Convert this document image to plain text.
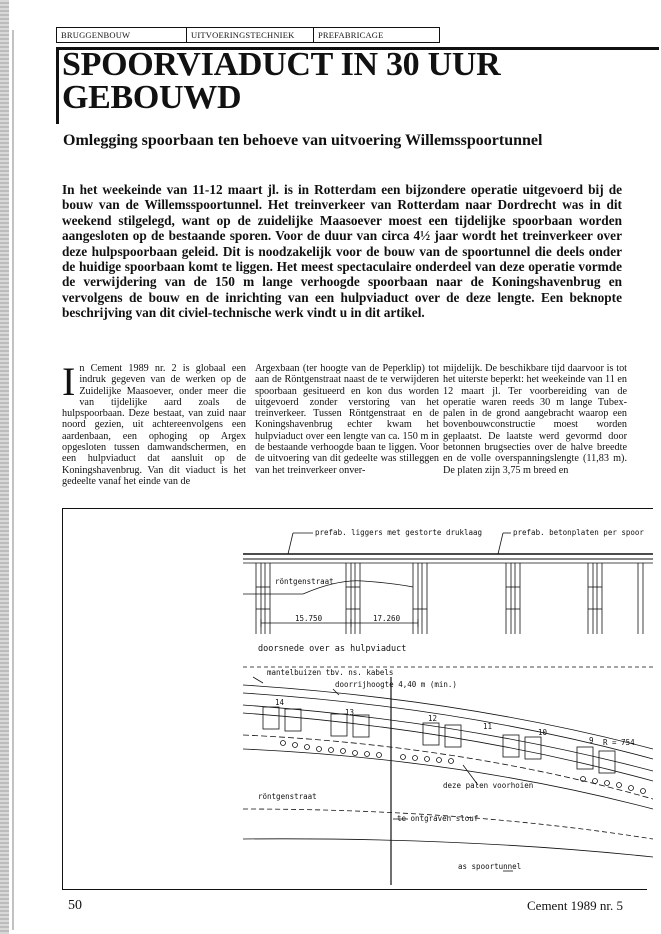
BRUGGENBOUW	UITVOERINGSTECHNIEK	PREFABRICAGE
SPOORVIADUCT IN 30 UUR
GEBOUWD
Omlegging spoorbaan ten behoeve van uitvoering Willemsspoortunnel
In het weekeinde van 11-12 maart jl. is in Rotterdam een bijzondere operatie uitgevoerd bij de bouw van de Willemsspoortunnel. Het treinverkeer van Rotterdam naar Dordrecht was in dit weekend stilgelegd, want op de zuidelijke Maasoever moest een tijdelijke spoorbaan worden aangesloten op de bestaande sporen. Voor de duur van circa 4½ jaar wordt het treinverkeer over deze hulpspoorbaan geleid. Dit is noodzakelijk voor de bouw van de spoortunnel die deels onder de huidige spoorbaan komt te liggen. Het meest spectaculaire onderdeel van deze operatie vormde de verwijdering van de 150 m lange verhoogde spoorbaan naar de Koningshavenbrug en vervolgens de bouw en de inrichting van een hulpviaduct over de deze lengte. Een beknopte beschrijving van dit civiel-technische werk vindt u in dit artikel.
In Cement 1989 nr. 2 is globaal een indruk gegeven van de werken op de Zuidelijke Maasoever, onder meer die van tijdelijke aard zoals de hulpspoorbaan. Deze bestaat, van zuid naar noord gezien, uit achtereenvolgens een aardenbaan, een ophoging op Argex opgesloten tussen damwandschermen, en een hulpviaduct dat aansluit op de Koningshavenbrug. Van dit viaduct is het gedeelte vanaf het einde van de
Argexbaan (ter hoogte van de Peperklip) tot aan de Röntgenstraat naast de te verwijderen spoorbaan gesitueerd en kon dus worden uitgevoerd zonder verstoring van het treinverkeer. Tussen Röntgenstraat en de Koningshavenbrug echter kwam het hulpviaduct over een lengte van ca. 150 m in de bestaande verhoogde baan te liggen. Voor de uitvoering van dit gedeelte was stilleggen van het treinverkeer onver-
mijdelijk. De beschikbare tijd daarvoor is tot het uiterste beperkt: het weekeinde van 11 en 12 maart jl. Ter voorbereiding van de operatie waren reeds 30 m lange Tubex-palen in de grond aangebracht waarop een bovenbouwconstructie moest worden geplaatst. De laatste werd gevormd door betonnen brugsecties over de halve breedte en de volle overspanningslengte (11,83 m). De platen zijn 3,75 m breed en
prefab. liggers met gestorte druklaag	prefab. betonplaten per spoor
röntgenstraat
15.750	17.260
doorsnede over as hulpviaduct
mantelbuizen tbv. ns. kabels
doorrijhoogte 4,40 m (min.)
R = 754
14
13
12
11
10
9
deze palen voorhoien
röntgenstraat
te ontgraven slouf
as spoortunnel
50	Cement 1989 nr. 5
